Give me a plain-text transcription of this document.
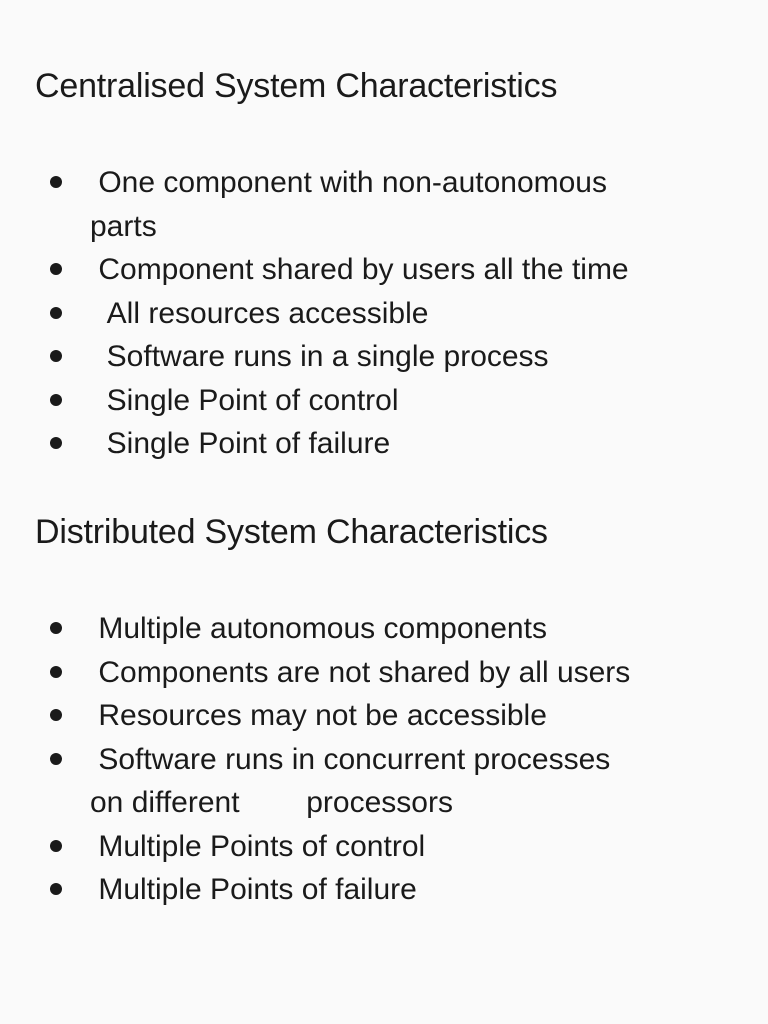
Centralised System Characteristics
One component with non-autonomous
parts
Component shared by users all the time
All resources accessible
Software runs in a single process
Single Point of control
Single Point of failure
Distributed System Characteristics
Multiple autonomous components
Components are not shared by all users
Resources may not be accessible
Software runs in concurrent processes
on different        processors
Multiple Points of control
Multiple Points of failure
